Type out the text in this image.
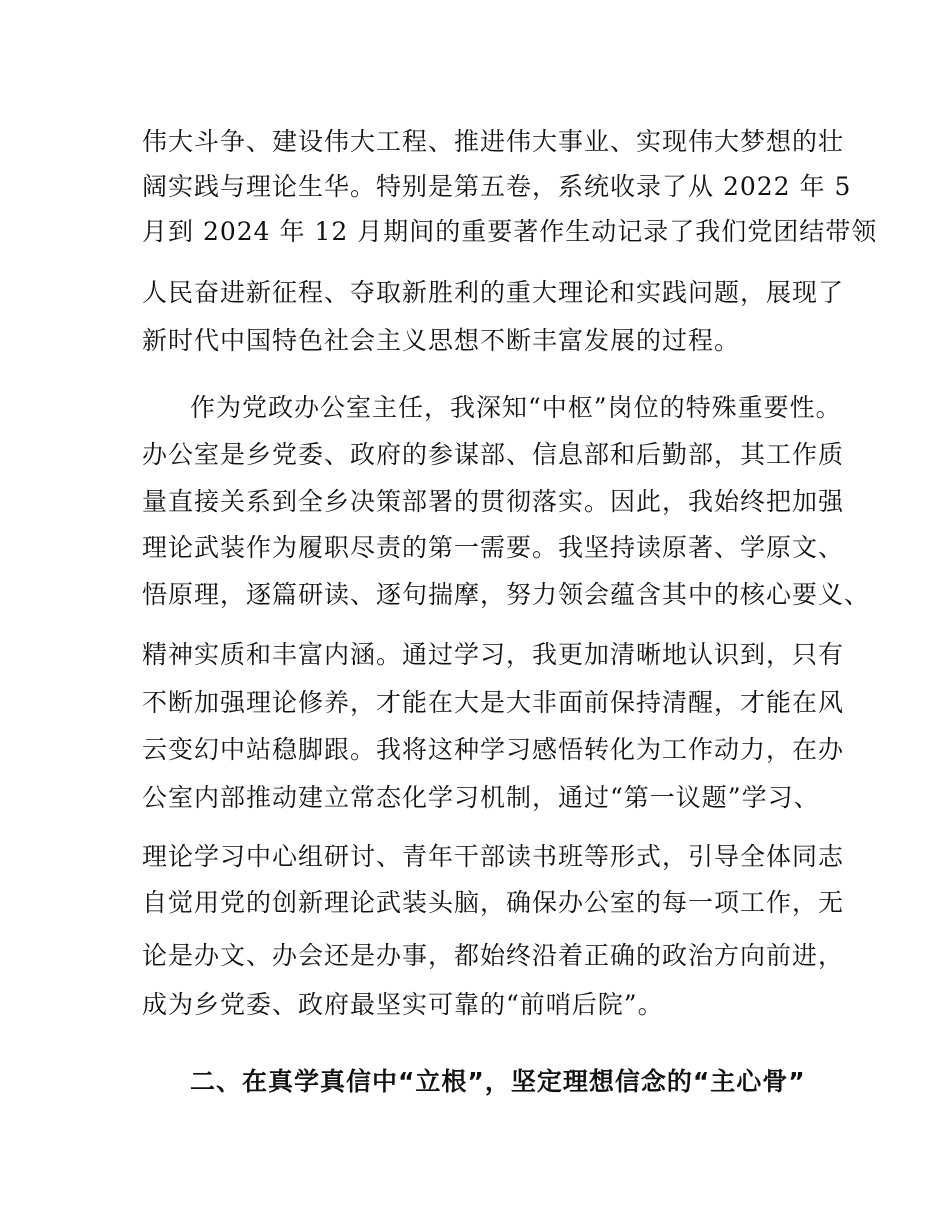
伟大斗争、建设伟大工程、推进伟大事业、实现伟大梦想的壮
阔实践与理论生华。特别是第五卷，系统收录了从 2022 年 5
月到 2024 年 12 月期间的重要著作生动记录了我们党团结带领
人民奋进新征程、夺取新胜利的重大理论和实践问题，展现了
新时代中国特色社会主义思想不断丰富发展的过程。
作为党政办公室主任，我深知“中枢”岗位的特殊重要性。
办公室是乡党委、政府的参谋部、信息部和后勤部，其工作质
量直接关系到全乡决策部署的贯彻落实。因此，我始终把加强
理论武装作为履职尽责的第一需要。我坚持读原著、学原文、
悟原理，逐篇研读、逐句揣摩，努力领会蕴含其中的核心要义、
精神实质和丰富内涵。通过学习，我更加清晰地认识到，只有
不断加强理论修养，才能在大是大非面前保持清醒，才能在风
云变幻中站稳脚跟。我将这种学习感悟转化为工作动力，在办
公室内部推动建立常态化学习机制，通过“第一议题”学习、
理论学习中心组研讨、青年干部读书班等形式，引导全体同志
自觉用党的创新理论武装头脑，确保办公室的每一项工作，无
论是办文、办会还是办事，都始终沿着正确的政治方向前进，
成为乡党委、政府最坚实可靠的“前哨后院”。
二、在真学真信中“立根”，坚定理想信念的“主心骨”
